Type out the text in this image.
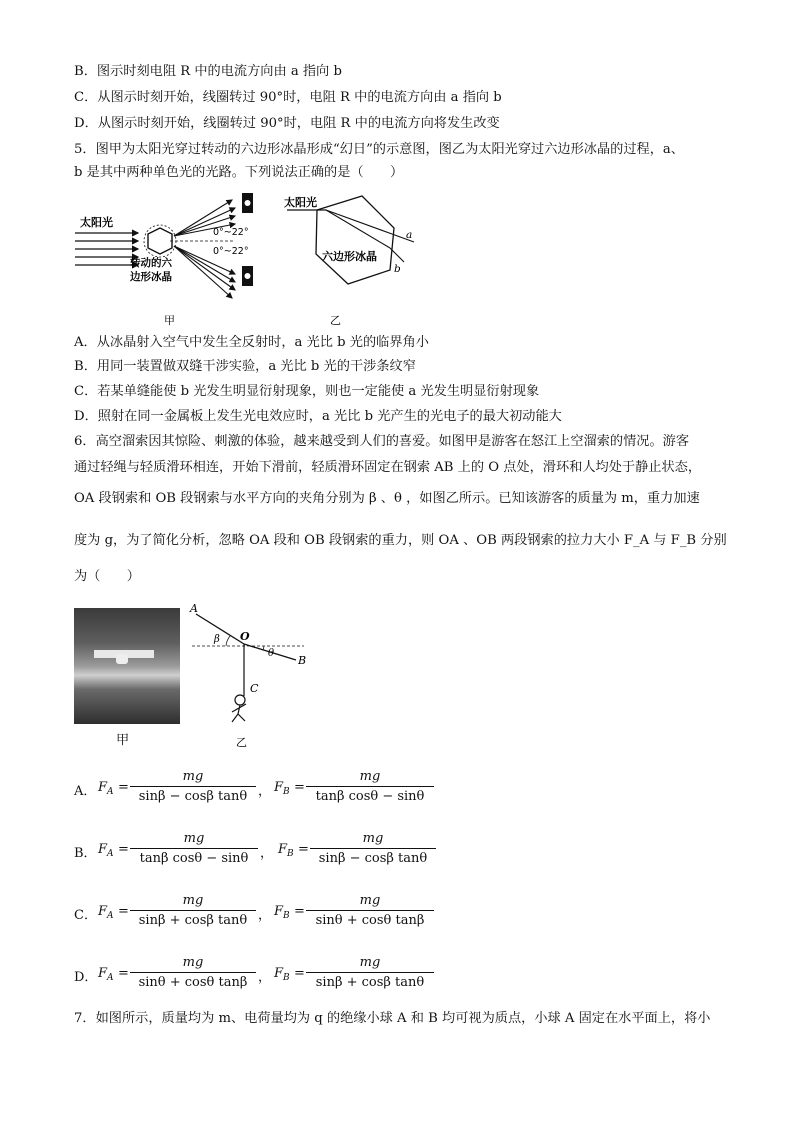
B．图示时刻电阻 R 中的电流方向由 a 指向 b
C．从图示时刻开始，线圈转过 90°时，电阻 R 中的电流方向由 a 指向 b
D．从图示时刻开始，线圈转过 90°时，电阻 R 中的电流方向将发生改变
5．图甲为太阳光穿过转动的六边形冰晶形成“幻日”的示意图，图乙为太阳光穿过六边形冰晶的过程，a、
b 是其中两种单色光的光路。下列说法正确的是（　　）
太阳光
0°~22°
0°~22°
转动的六
边形冰晶
甲
太阳光
a
b
六边形冰晶
乙
A．从冰晶射入空气中发生全反射时，a 光比 b 光的临界角小
B．用同一装置做双缝干涉实验，a 光比 b 光的干涉条纹窄
C．若某单缝能使 b 光发生明显衍射现象，则也一定能使 a 光发生明显衍射现象
D．照射在同一金属板上发生光电效应时，a 光比 b 光产生的光电子的最大初动能大
6．高空溜索因其惊险、刺激的体验，越来越受到人们的喜爱。如图甲是游客在怒江上空溜索的情况。游客
通过轻绳与轻质滑环相连，开始下滑前，轻质滑环固定在钢索 AB 上的 O 点处，滑环和人均处于静止状态，
OA 段钢索和 OB 段钢索与水平方向的夹角分别为 β 、θ ，如图乙所示。已知该游客的质量为 m，重力加速
度为 g，为了简化分析，忽略 OA 段和 OB 段钢索的重力，则 OA 、OB 两段钢索的拉力大小 F_A 与 F_B 分别
为（　　）
甲
A
O
B
C
β
θ
乙
A． $F_A = \frac{mg}{\text{sinβ − cosβ tanθ}}$ ， $F_B = \frac{mg}{\text{tanβ cosθ − sinθ}}$
B． $F_A = \frac{mg}{\text{tanβ cosθ − sinθ}}$ ， $F_B = \frac{mg}{\text{sinβ − cosβ tanθ}}$
C． $F_A = \frac{mg}{\text{sinβ + cosβ tanθ}}$ ， $F_B = \frac{mg}{\text{sinθ + cosθ tanβ}}$
D． $F_A = \frac{mg}{\text{sinθ + cosθ tanβ}}$ ， $F_B = \frac{mg}{\text{sinβ + cosβ tanθ}}$
7．如图所示，质量均为 m、电荷量均为 q 的绝缘小球 A 和 B 均可视为质点，小球 A 固定在水平面上，将小
